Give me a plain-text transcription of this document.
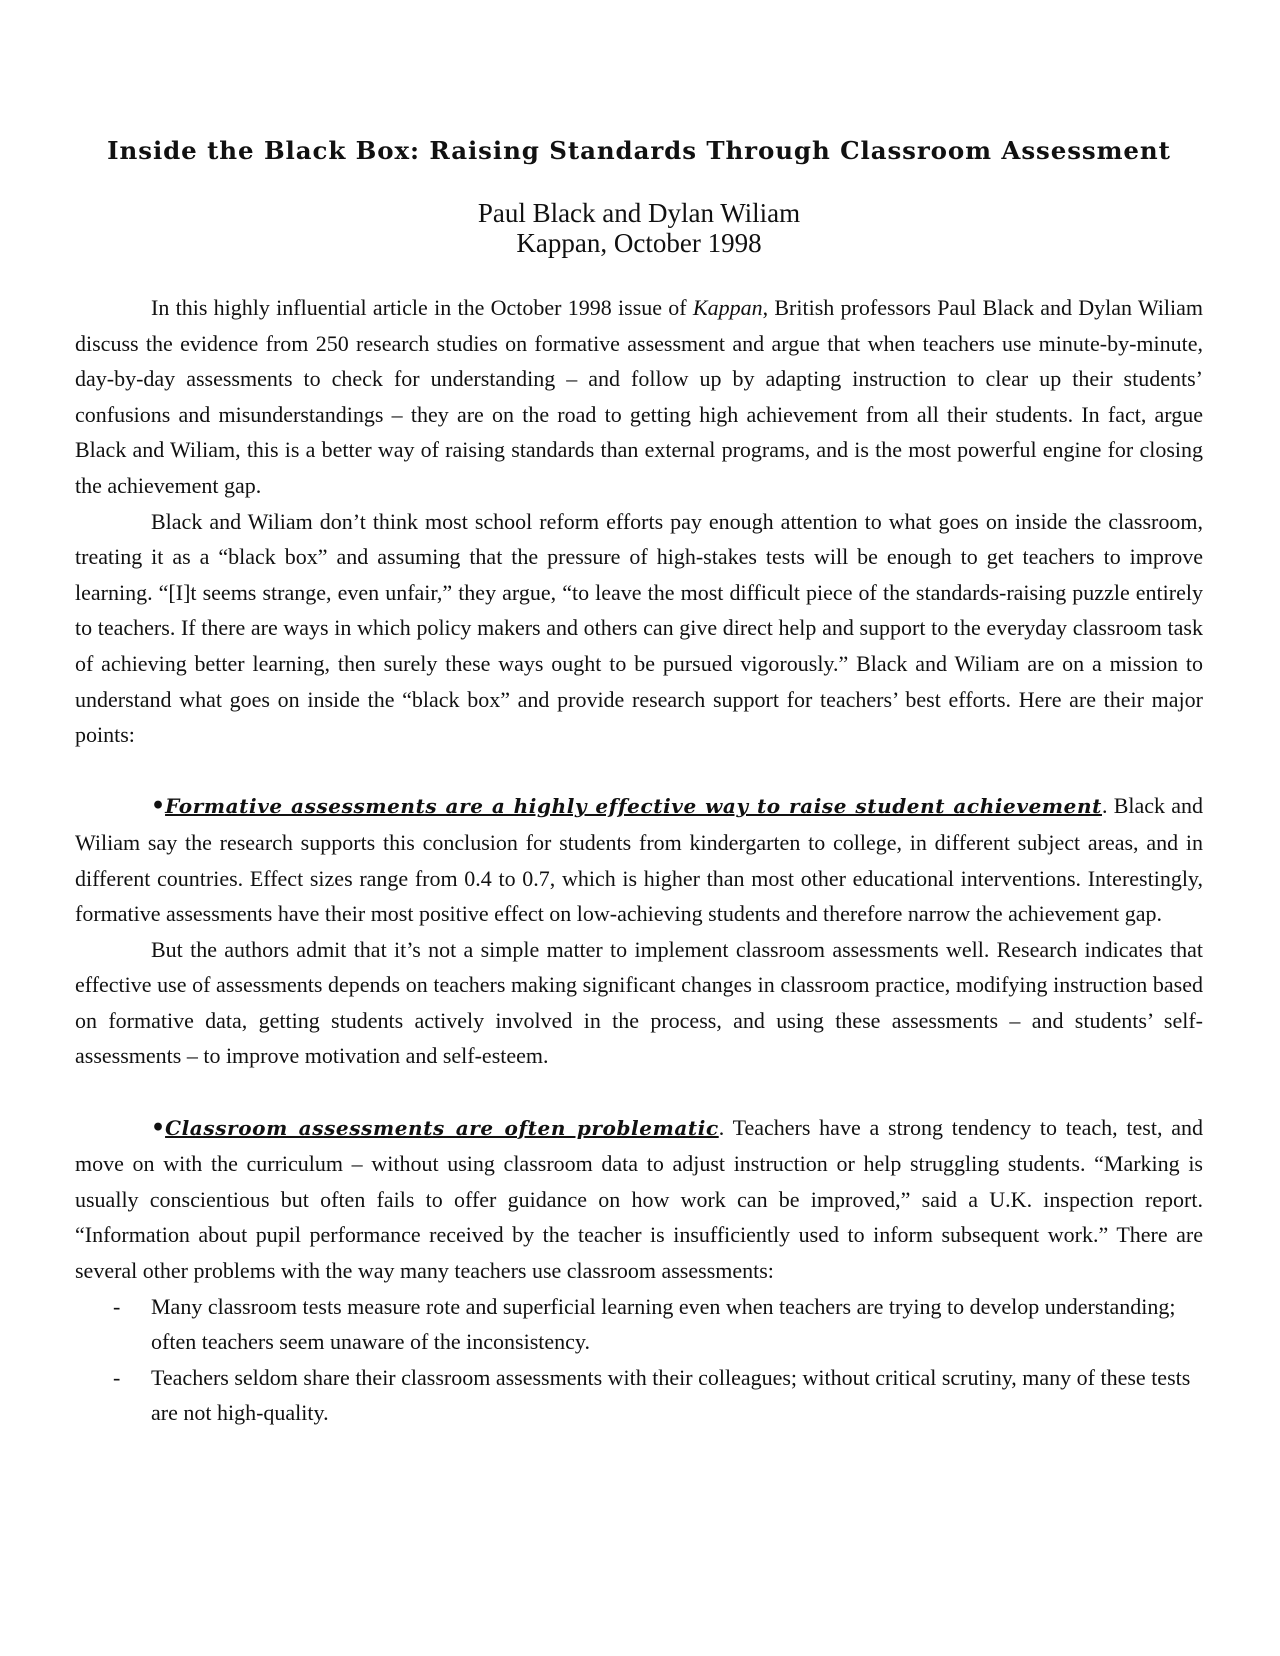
Inside the Black Box: Raising Standards Through Classroom Assessment
Paul Black and Dylan Wiliam
Kappan, October 1998

In this highly influential article in the October 1998 issue of Kappan, British professors Paul Black and Dylan Wiliam discuss the evidence from 250 research studies on formative assessment and argue that when teachers use minute-by-minute, day-by-day assessments to check for understanding – and follow up by adapting instruction to clear up their students’ confusions and misunderstandings – they are on the road to getting high achievement from all their students. In fact, argue Black and Wiliam, this is a better way of raising standards than external programs, and is the most powerful engine for closing the achievement gap.

Black and Wiliam don’t think most school reform efforts pay enough attention to what goes on inside the classroom, treating it as a “black box” and assuming that the pressure of high-stakes tests will be enough to get teachers to improve learning. “[I]t seems strange, even unfair,” they argue, “to leave the most difficult piece of the standards-raising puzzle entirely to teachers. If there are ways in which policy makers and others can give direct help and support to the everyday classroom task of achieving better learning, then surely these ways ought to be pursued vigorously.” Black and Wiliam are on a mission to understand what goes on inside the “black box” and provide research support for teachers’ best efforts. Here are their major points:

•Formative assessments are a highly effective way to raise student achievement. Black and Wiliam say the research supports this conclusion for students from kindergarten to college, in different subject areas, and in different countries. Effect sizes range from 0.4 to 0.7, which is higher than most other educational interventions. Interestingly, formative assessments have their most positive effect on low-achieving students and therefore narrow the achievement gap.

But the authors admit that it’s not a simple matter to implement classroom assessments well. Research indicates that effective use of assessments depends on teachers making significant changes in classroom practice, modifying instruction based on formative data, getting students actively involved in the process, and using these assessments – and students’ self-assessments – to improve motivation and self-esteem.

•Classroom assessments are often problematic. Teachers have a strong tendency to teach, test, and move on with the curriculum – without using classroom data to adjust instruction or help struggling students. “Marking is usually conscientious but often fails to offer guidance on how work can be improved,” said a U.K. inspection report. “Information about pupil performance received by the teacher is insufficiently used to inform subsequent work.” There are several other problems with the way many teachers use classroom assessments:

- Many classroom tests measure rote and superficial learning even when teachers are trying to develop understanding; often teachers seem unaware of the inconsistency.
- Teachers seldom share their classroom assessments with their colleagues; without critical scrutiny, many of these tests are not high-quality.
